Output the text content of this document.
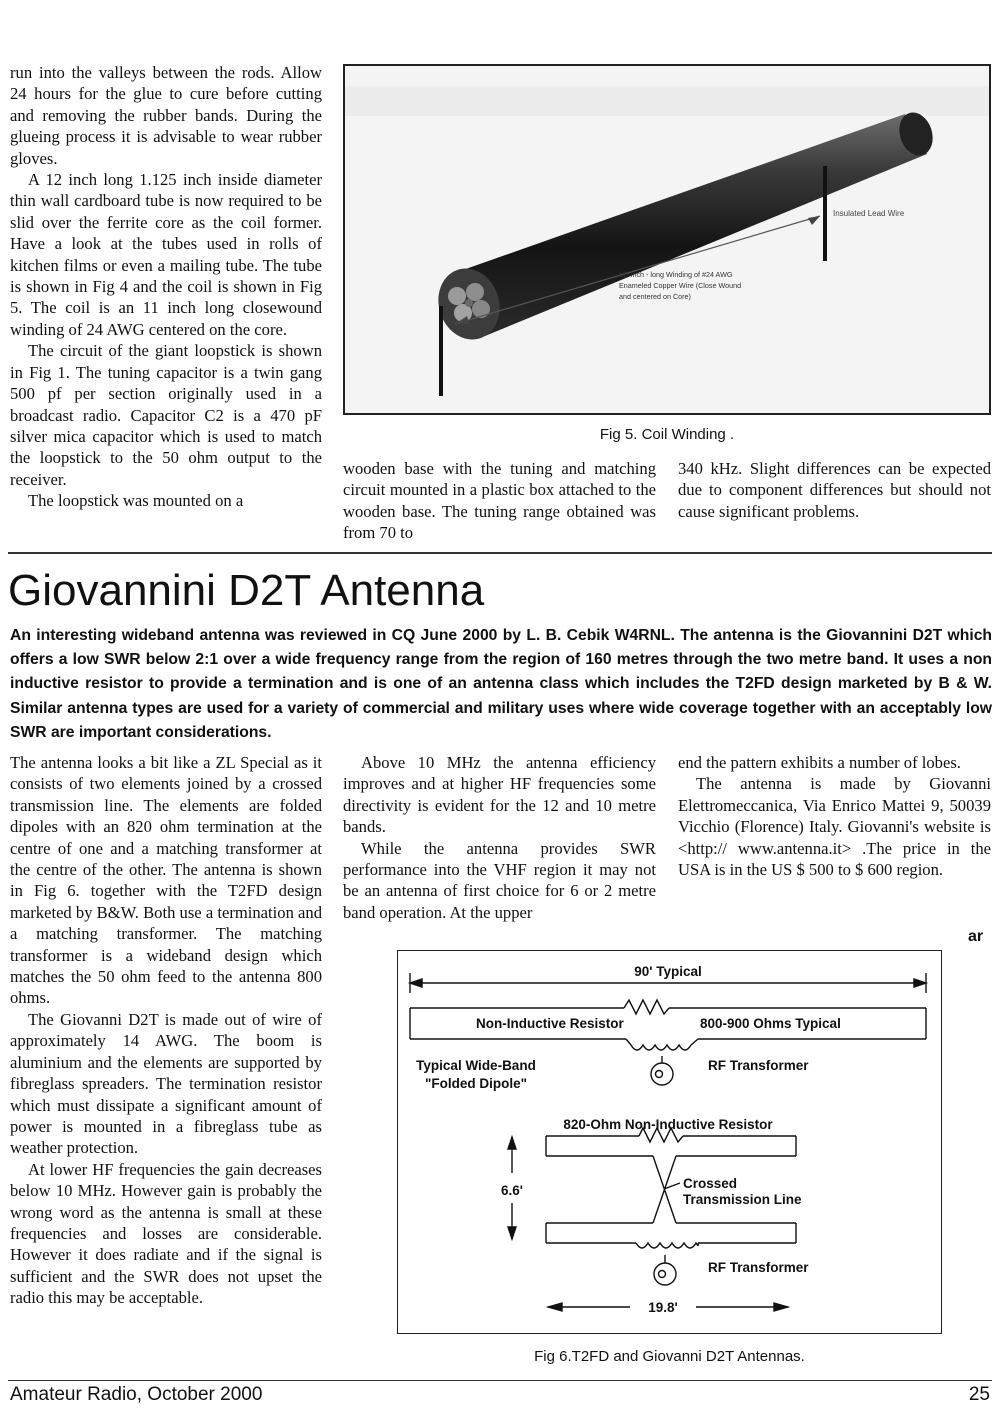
run into the valleys between the rods. Allow 24 hours for the glue to cure before cutting and removing the rubber bands. During the glueing process it is advisable to wear rubber gloves.

A 12 inch long 1.125 inch inside diameter thin wall cardboard tube is now required to be slid over the ferrite core as the coil former. Have a look at the tubes used in rolls of kitchen films or even a mailing tube. The tube is shown in Fig 4 and the coil is shown in Fig 5. The coil is an 11 inch long closewound winding of 24 AWG centered on the core.

The circuit of the giant loopstick is shown in Fig 1. The tuning capacitor is a twin gang 500 pf per section originally used in a broadcast radio. Capacitor C2 is a 470 pF silver mica capacitor which is used to match the loopstick to the 50 ohm output to the receiver.

The loopstick was mounted on a

Insulated Lead Wire
11- inch - long Winding of #24 AWG
Enameled Copper Wire (Close Wound
and centered on Core)
Fig 5. Coil Winding .
wooden base with the tuning and matching circuit mounted in a plastic box attached to the wooden base. The tuning range obtained was from 70 to
340 kHz. Slight differences can be expected due to component differences but should not cause significant problems.
Giovannini D2T Antenna
An interesting wideband antenna was reviewed in CQ June 2000 by L. B. Cebik W4RNL. The antenna is the Giovannini D2T which offers a low SWR below 2:1 over a wide frequency range from the region of 160 metres through the two metre band. It uses a non inductive resistor to provide a termination and is one of an antenna class which includes the T2FD design marketed by B & W. Similar antenna types are used for a variety of commercial and military uses where wide coverage together with an acceptably low SWR are important considerations.

The antenna looks a bit like a ZL Special as it consists of two elements joined by a crossed transmission line. The elements are folded dipoles with an 820 ohm termination at the centre of one and a matching transformer at the centre of the other. The antenna is shown in Fig 6. together with the T2FD design marketed by B&W. Both use a termination and a matching transformer. The matching transformer is a wideband design which matches the 50 ohm feed to the antenna 800 ohms.

The Giovanni D2T is made out of wire of approximately 14 AWG. The boom is aluminium and the elements are supported by fibreglass spreaders. The termination resistor which must dissipate a significant amount of power is mounted in a fibreglass tube as weather protection.

At lower HF frequencies the gain decreases below 10 MHz. However gain is probably the wrong word as the antenna is small at these frequencies and losses are considerable. However it does radiate and if the signal is sufficient and the SWR does not upset the radio this may be acceptable.

Above 10 MHz the antenna efficiency improves and at higher HF frequencies some directivity is evident for the 12 and 10 metre bands.

While the antenna provides SWR performance into the VHF region it may not be an antenna of first choice for 6 or 2 metre band operation. At the upper

end the pattern exhibits a number of lobes.

The antenna is made by Giovanni Elettromeccanica, Via Enrico Mattei 9, 50039 Vicchio (Florence) Italy. Giovanni's website is <http:// www.antenna.it> .The price in the USA is in the US $ 500 to $ 600 region.

ar
90' Typical
Non-Inductive Resistor	800-900 Ohms Typical
Typical Wide-Band
"Folded Dipole"
RF Transformer
820-Ohm Non-Inductive Resistor
6.6'	Crossed
Transmission Line
RF Transformer
19.8'
Fig 6.T2FD and Giovanni D2T Antennas.
Amateur Radio, October 2000	25
